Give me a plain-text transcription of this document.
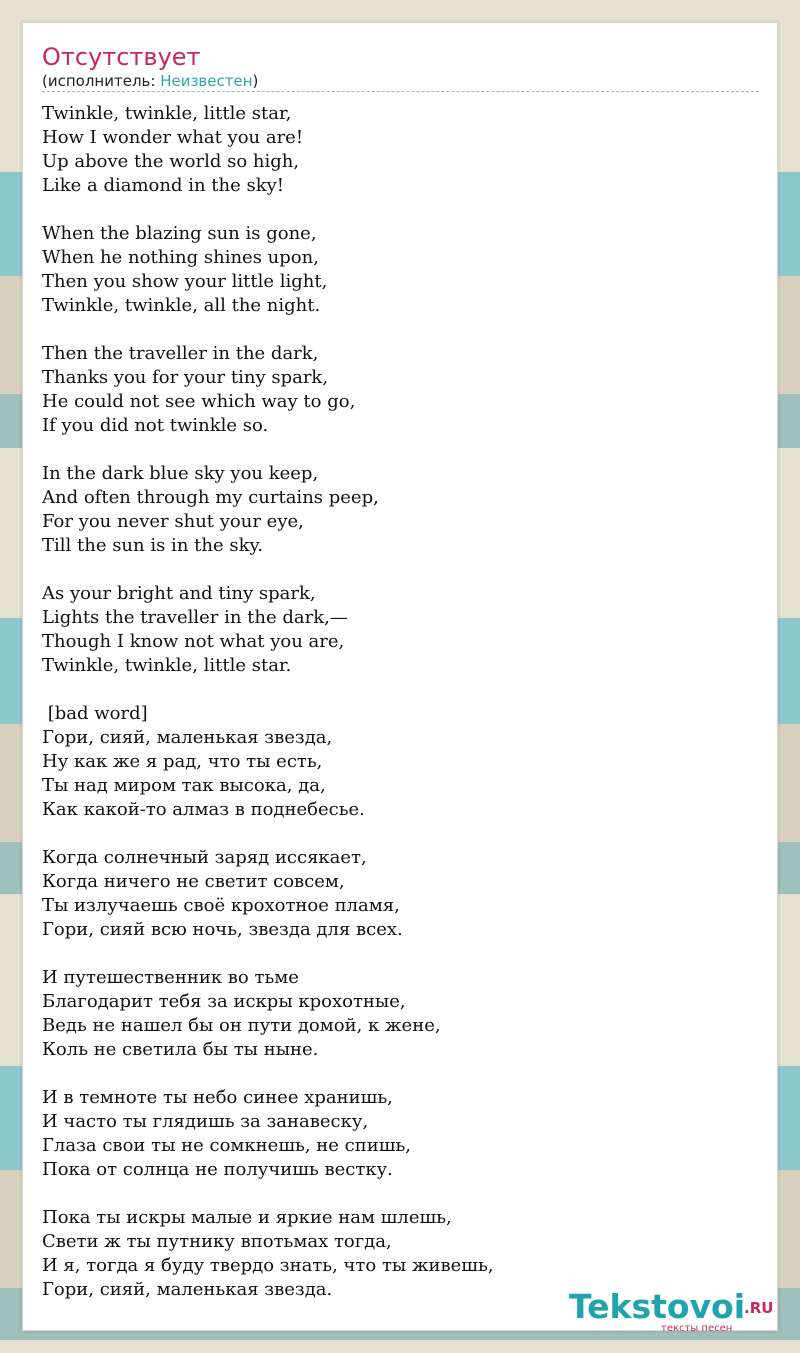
Отсутствует
(исполнитель: Неизвестен)
Twinkle, twinkle, little star,
How I wonder what you are!
Up above the world so high,
Like a diamond in the sky!

When the blazing sun is gone,
When he nothing shines upon,
Then you show your little light,
Twinkle, twinkle, all the night.

Then the traveller in the dark,
Thanks you for your tiny spark,
He could not see which way to go,
If you did not twinkle so.

In the dark blue sky you keep,
And often through my curtains peep,
For you never shut your eye,
Till the sun is in the sky.

As your bright and tiny spark,
Lights the traveller in the dark,—
Though I know not what you are,
Twinkle, twinkle, little star.

[bad word]
Гори, сияй, маленькая звезда,
Ну как же я рад, что ты есть,
Ты над миром так высока, да,
Как какой-то алмаз в поднебесье.

Когда солнечный заряд иссякает,
Когда ничего не светит совсем,
Ты излучаешь своё крохотное пламя,
Гори, сияй всю ночь, звезда для всех.

И путешественник во тьме
Благодарит тебя за искры крохотные,
Ведь не нашел бы он пути домой, к жене,
Коль не светила бы ты ныне.

И в темноте ты небо синее хранишь,
И часто ты глядишь за занавеску,
Глаза свои ты не сомкнешь, не спишь,
Пока от солнца не получишь вестку.

Пока ты искры малые и яркие нам шлешь,
Свети ж ты путнику впотьмах тогда,
И я, тогда я буду твердо знать, что ты живешь,
Гори, сияй, маленькая звезда.	Tekstovoi
.RU
тексты песен
